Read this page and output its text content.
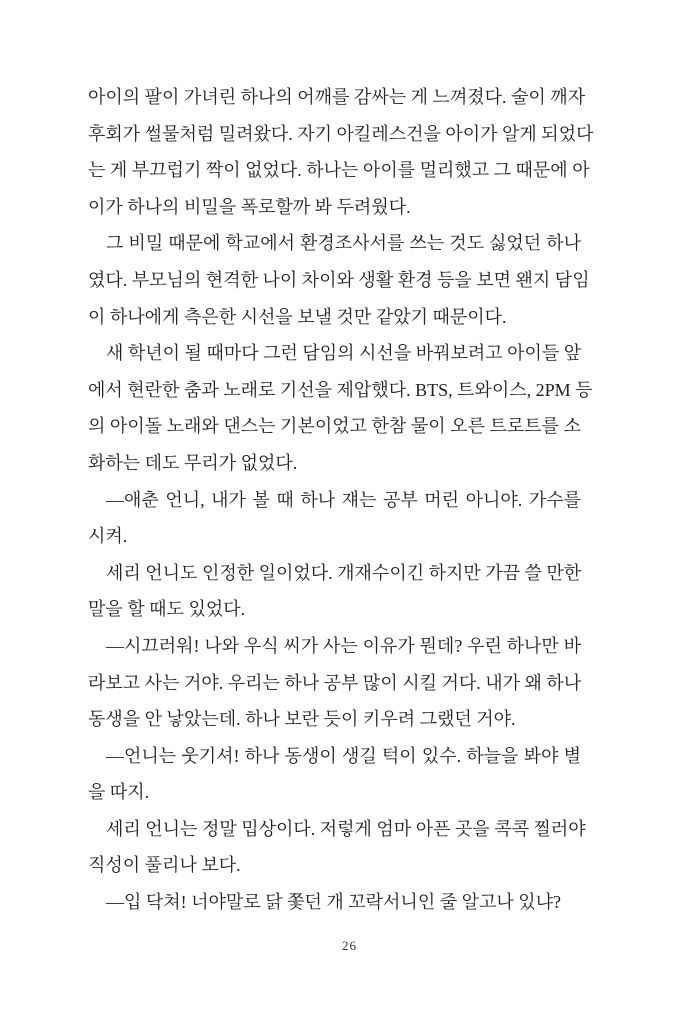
아이의 팔이 가녀린 하나의 어깨를 감싸는 게 느껴졌다. 술이 깨자
후회가 썰물처럼 밀려왔다. 자기 아킬레스건을 아이가 알게 되었다
는 게 부끄럽기 짝이 없었다. 하나는 아이를 멀리했고 그 때문에 아
이가 하나의 비밀을 폭로할까 봐 두려웠다.
그 비밀 때문에 학교에서 환경조사서를 쓰는 것도 싫었던 하나
였다. 부모님의 현격한 나이 차이와 생활 환경 등을 보면 왠지 담임
이 하나에게 측은한 시선을 보낼 것만 같았기 때문이다.
새 학년이 될 때마다 그런 담임의 시선을 바꿔보려고 아이들 앞
에서 현란한 춤과 노래로 기선을 제압했다. BTS, 트와이스, 2PM 등
의 아이돌 노래와 댄스는 기본이었고 한참 물이 오른 트로트를 소
화하는 데도 무리가 없었다.
―애춘 언니, 내가 볼 때 하나 쟤는 공부 머린 아니야. 가수를
시켜.
세리 언니도 인정한 일이었다. 개재수이긴 하지만 가끔 쓸 만한
말을 할 때도 있었다.
―시끄러워! 나와 우식 씨가 사는 이유가 뭔데? 우린 하나만 바
라보고 사는 거야. 우리는 하나 공부 많이 시킬 거다. 내가 왜 하나
동생을 안 낳았는데. 하나 보란 듯이 키우려 그랬던 거야.
―언니는 웃기셔! 하나 동생이 생길 턱이 있수. 하늘을 봐야 별
을 따지.
세리 언니는 정말 밉상이다. 저렇게 엄마 아픈 곳을 콕콕 찔러야
직성이 풀리나 보다.
―입 닥쳐! 너야말로 닭 쫓던 개 꼬락서니인 줄 알고나 있냐?
26
